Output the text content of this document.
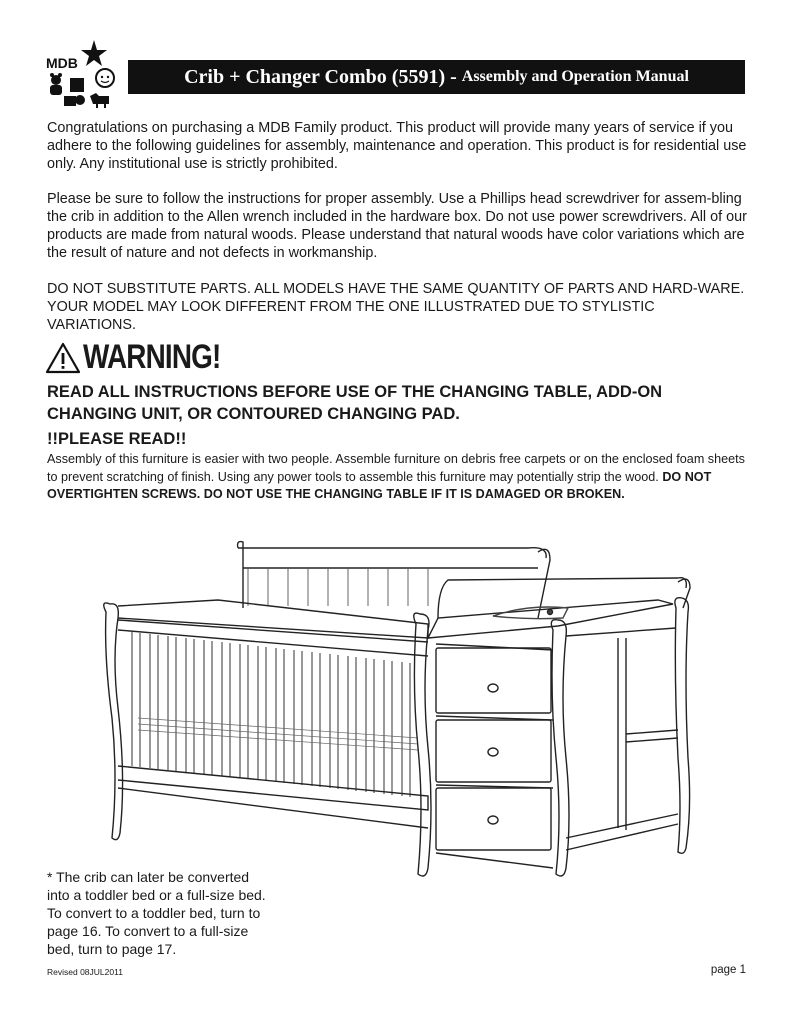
MDB
Crib + Changer Combo (5591) - Assembly and Operation Manual
Congratulations on purchasing a MDB Family product. This product will provide many years of service if you adhere to the following guidelines for assembly, maintenance and operation. This product is for residential use only. Any institutional use is strictly prohibited.
Please be sure to follow the instructions for proper assembly. Use a Phillips head screwdriver for assem-bling the crib in addition to the Allen wrench included in the hardware box. Do not use power screwdrivers. All of our products are made from natural woods. Please understand that natural woods have color variations which are the result of nature and not defects in workmanship.
DO NOT SUBSTITUTE PARTS. ALL MODELS HAVE THE SAME QUANTITY OF PARTS AND HARD-WARE. YOUR MODEL MAY LOOK DIFFERENT FROM THE ONE ILLUSTRATED DUE TO STYLISTIC VARIATIONS.
WARNING!
READ ALL INSTRUCTIONS BEFORE USE OF THE CHANGING TABLE, ADD-ON CHANGING UNIT, OR CONTOURED CHANGING PAD.
!!PLEASE READ!!
Assembly of this furniture is easier with two people. Assemble furniture on debris free carpets or on the enclosed foam sheets to prevent scratching of finish. Using any power tools to assemble this furniture may potentially strip the wood. DO NOT OVERTIGHTEN SCREWS. DO NOT USE THE CHANGING TABLE IF IT IS DAMAGED OR BROKEN.
* The crib can later be converted into a toddler bed or a full-size bed. To convert to a toddler bed, turn to page 16. To convert to a full-size bed, turn to page 17.
Revised 08JUL2011	page 1
